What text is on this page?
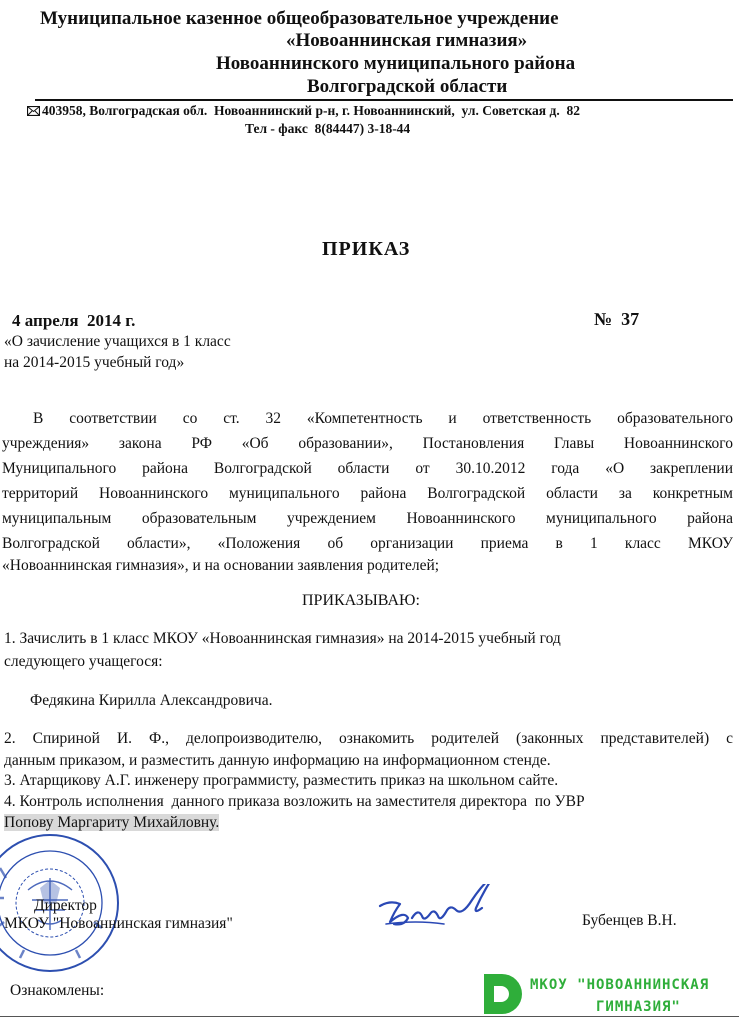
Муниципальное казенное общеобразовательное учреждение
«Новоаннинская гимназия»
Новоаннинского муниципального района
Волгоградской области
403958, Волгоградская обл.  Новоаннинский р-н, г. Новоаннинский,  ул. Советская д.  82
Тел - факс  8(84447) 3-18-44
ПРИКАЗ
4 апреля  2014 г.	№  37
«О зачисление учащихся в 1 класс
на 2014-2015 учебный год»
В соответствии со ст. 32 «Компетентность и ответственность образовательного
учреждения» закона РФ «Об образовании», Постановления Главы Новоаннинского
Муниципального района Волгоградской области от 30.10.2012 года «О закреплении
территорий Новоаннинского муниципального района Волгоградской области за конкретным
муниципальным образовательным учреждением Новоаннинского муниципального района
Волгоградской области», «Положения об организации приема в 1 класс МКОУ
«Новоаннинская гимназия», и на основании заявления родителей;
ПРИКАЗЫВАЮ:
1. Зачислить в 1 класс МКОУ «Новоаннинская гимназия» на 2014-2015 учебный год
следующего учащегося:
Федякина Кирилла Александровича.
2. Спириной И. Ф., делопроизводителю, ознакомить родителей (законных представителей) с
данным приказом, и разместить данную информацию на информационном стенде.
3. Атарщикову А.Г. инженеру программисту, разместить приказ на школьном сайте.
4. Контроль исполнения  данного приказа возложить на заместителя директора  по УВР
Попову Маргариту Михайловну.
Директор
МКОУ "Новоаннинская гимназия"	Бубенцев В.Н.
Ознакомлены:	МКОУ "НОВОАННИНСКАЯ
ГИМНАЗИЯ"
